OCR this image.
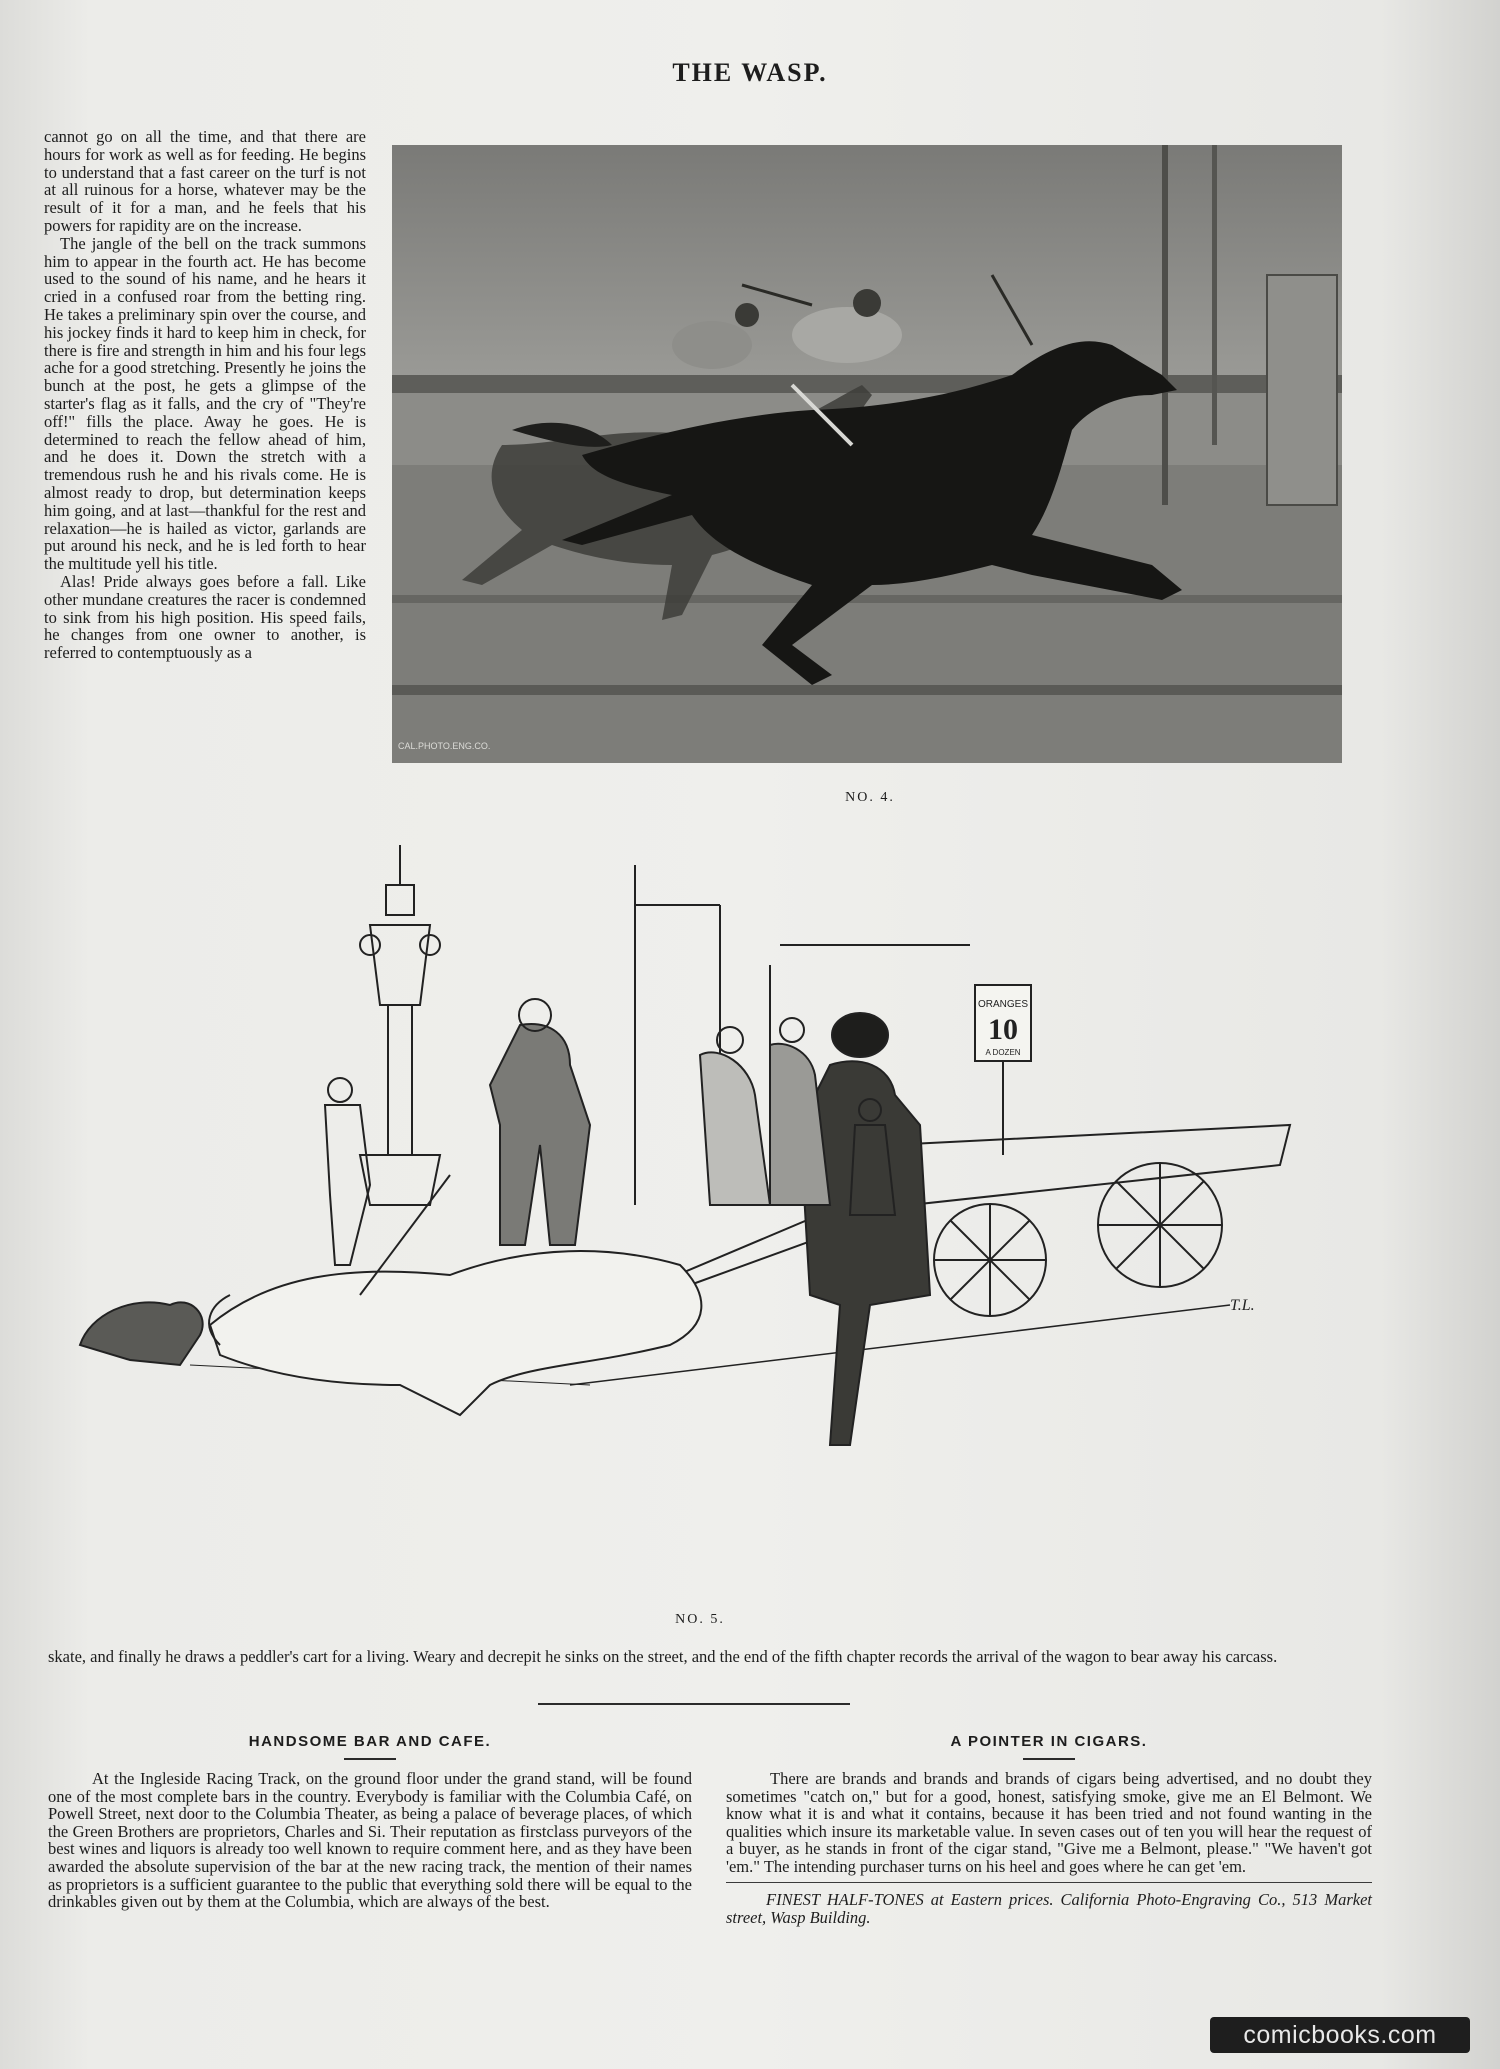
THE WASP.

cannot go on all the time, and that there are hours for work as well as for feeding. He begins to understand that a fast career on the turf is not at all ruinous for a horse, whatever may be the result of it for a man, and he feels that his powers for rapidity are on the increase.

The jangle of the bell on the track summons him to appear in the fourth act. He has become used to the sound of his name, and he hears it cried in a confused roar from the betting ring. He takes a preliminary spin over the course, and his jockey finds it hard to keep him in check, for there is fire and strength in him and his four legs ache for a good stretching. Presently he joins the bunch at the post, he gets a glimpse of the starter's flag as it falls, and the cry of "They're off!" fills the place. Away he goes. He is determined to reach the fellow ahead of him, and he does it. Down the stretch with a tremendous rush he and his rivals come. He is almost ready to drop, but determination keeps him going, and at last—thankful for the rest and relaxation—he is hailed as victor, garlands are put around his neck, and he is led forth to hear the multitude yell his title.

Alas! Pride always goes before a fall. Like other mundane creatures the racer is condemned to sink from his high position. His speed fails, he changes from one owner to another, is referred to contemptuously as a

CAL.PHOTO.ENG.CO.
NO. 4.
ORANGES
10
A DOZEN
T.L.
NO. 5.
skate, and finally he draws a peddler's cart for a living. Weary and decrepit he sinks on the street, and the end of the fifth chapter records the arrival of the wagon to bear away his carcass.
HANDSOME BAR AND CAFE.
At the Ingleside Racing Track, on the ground floor under the grand stand, will be found one of the most complete bars in the country. Everybody is familiar with the Columbia Café, on Powell Street, next door to the Columbia Theater, as being a palace of beverage places, of which the Green Brothers are proprietors, Charles and Si. Their reputation as firstclass purveyors of the best wines and liquors is already too well known to require comment here, and as they have been awarded the absolute supervision of the bar at the new racing track, the mention of their names as proprietors is a sufficient guarantee to the public that everything sold there will be equal to the drinkables given out by them at the Columbia, which are always of the best.
A POINTER IN CIGARS.
There are brands and brands and brands of cigars being advertised, and no doubt they sometimes "catch on," but for a good, honest, satisfying smoke, give me an El Belmont. We know what it is and what it contains, because it has been tried and not found wanting in the qualities which insure its marketable value. In seven cases out of ten you will hear the request of a buyer, as he stands in front of the cigar stand, "Give me a Belmont, please." "We haven't got 'em." The intending purchaser turns on his heel and goes where he can get 'em.
FINEST HALF-TONES at Eastern prices. California Photo-Engraving Co., 513 Market street, Wasp Building.
comicbooks.com
